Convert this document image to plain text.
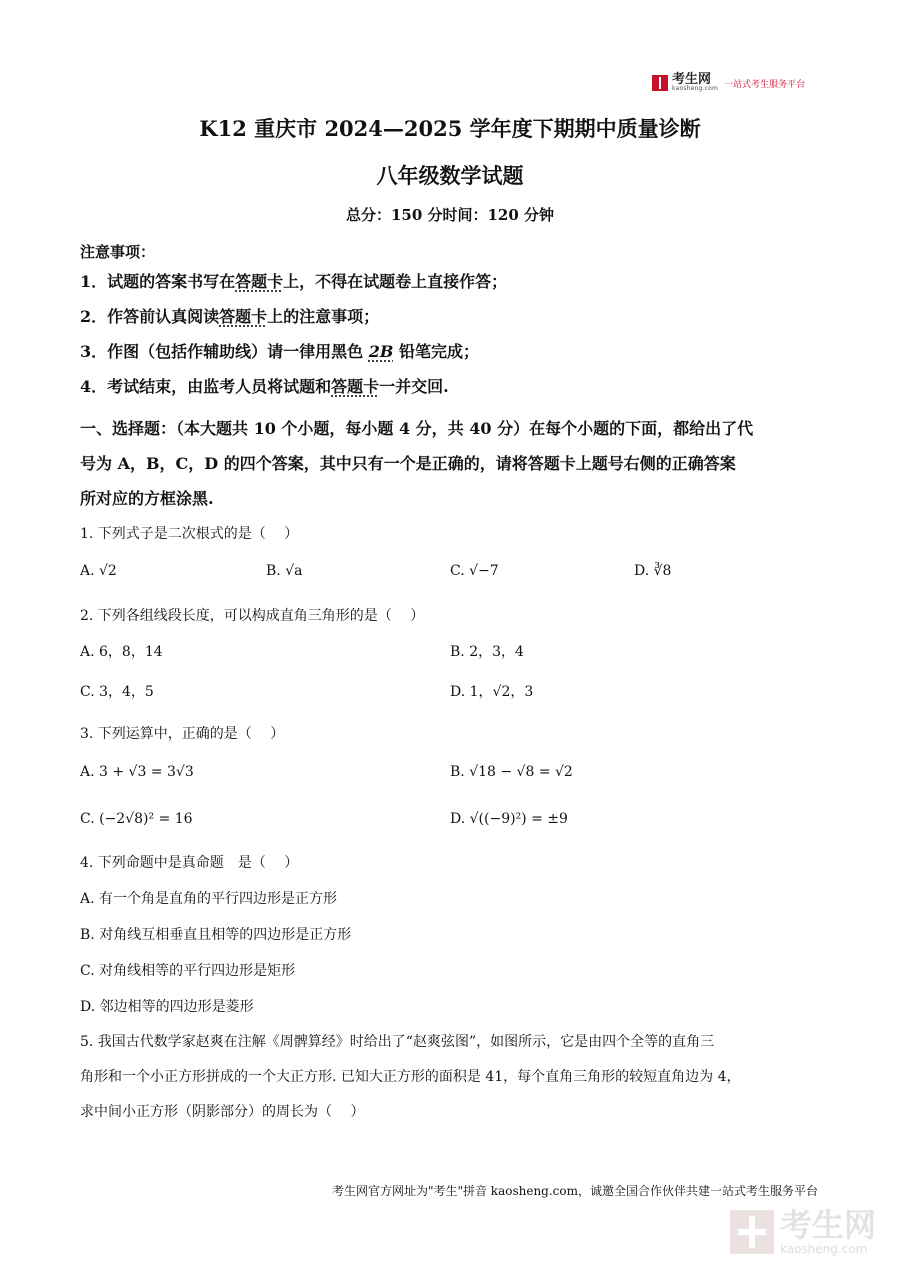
考生网
kaosheng.com 一站式考生服务平台
K12 重庆市 2024—2025 学年度下期期中质量诊断
八年级数学试题
总分：150 分时间：120 分钟
注意事项：
1．试题的答案书写在答题卡上，不得在试题卷上直接作答；
2．作答前认真阅读答题卡上的注意事项；
3．作图（包括作辅助线）请一律用黑色 2B 铅笔完成；
4．考试结束，由监考人员将试题和答题卡一并交回.
一、选择题：（本大题共 10 个小题，每小题 4 分，共 40 分）在每个小题的下面，都给出了代
号为 A，B，C，D 的四个答案，其中只有一个是正确的，请将答题卡上题号右侧的正确答案
所对应的方框涂黑.
1. 下列式子是二次根式的是（　 ）
A. √2	B. √a	C. √−7	D. ∛8
2. 下列各组线段长度，可以构成直角三角形的是（　 ）
A. 6，8，14	B. 2，3，4
C. 3，4，5	D. 1，√2，3
3. 下列运算中，正确的是（　 ）
A. 3 + √3 = 3√3	B. √18 − √8 = √2
C. (−2√8)² = 16	D. √((−9)²) = ±9
4. 下列命题中是真命题　是（　 ）
A. 有一个角是直角的平行四边形是正方形
B. 对角线互相垂直且相等的四边形是正方形
C. 对角线相等的平行四边形是矩形
D. 邻边相等的四边形是菱形
5. 我国古代数学家赵爽在注解《周髀算经》时给出了“赵爽弦图”，如图所示，它是由四个全等的直角三
角形和一个小正方形拼成的一个大正方形. 已知大正方形的面积是 41，每个直角三角形的较短直角边为 4，
求中间小正方形（阴影部分）的周长为（　 ）
考生网官方网址为"考生"拼音 kaosheng.com，诚邀全国合作伙伴共建一站式考生服务平台
考生网
kaosheng.com
